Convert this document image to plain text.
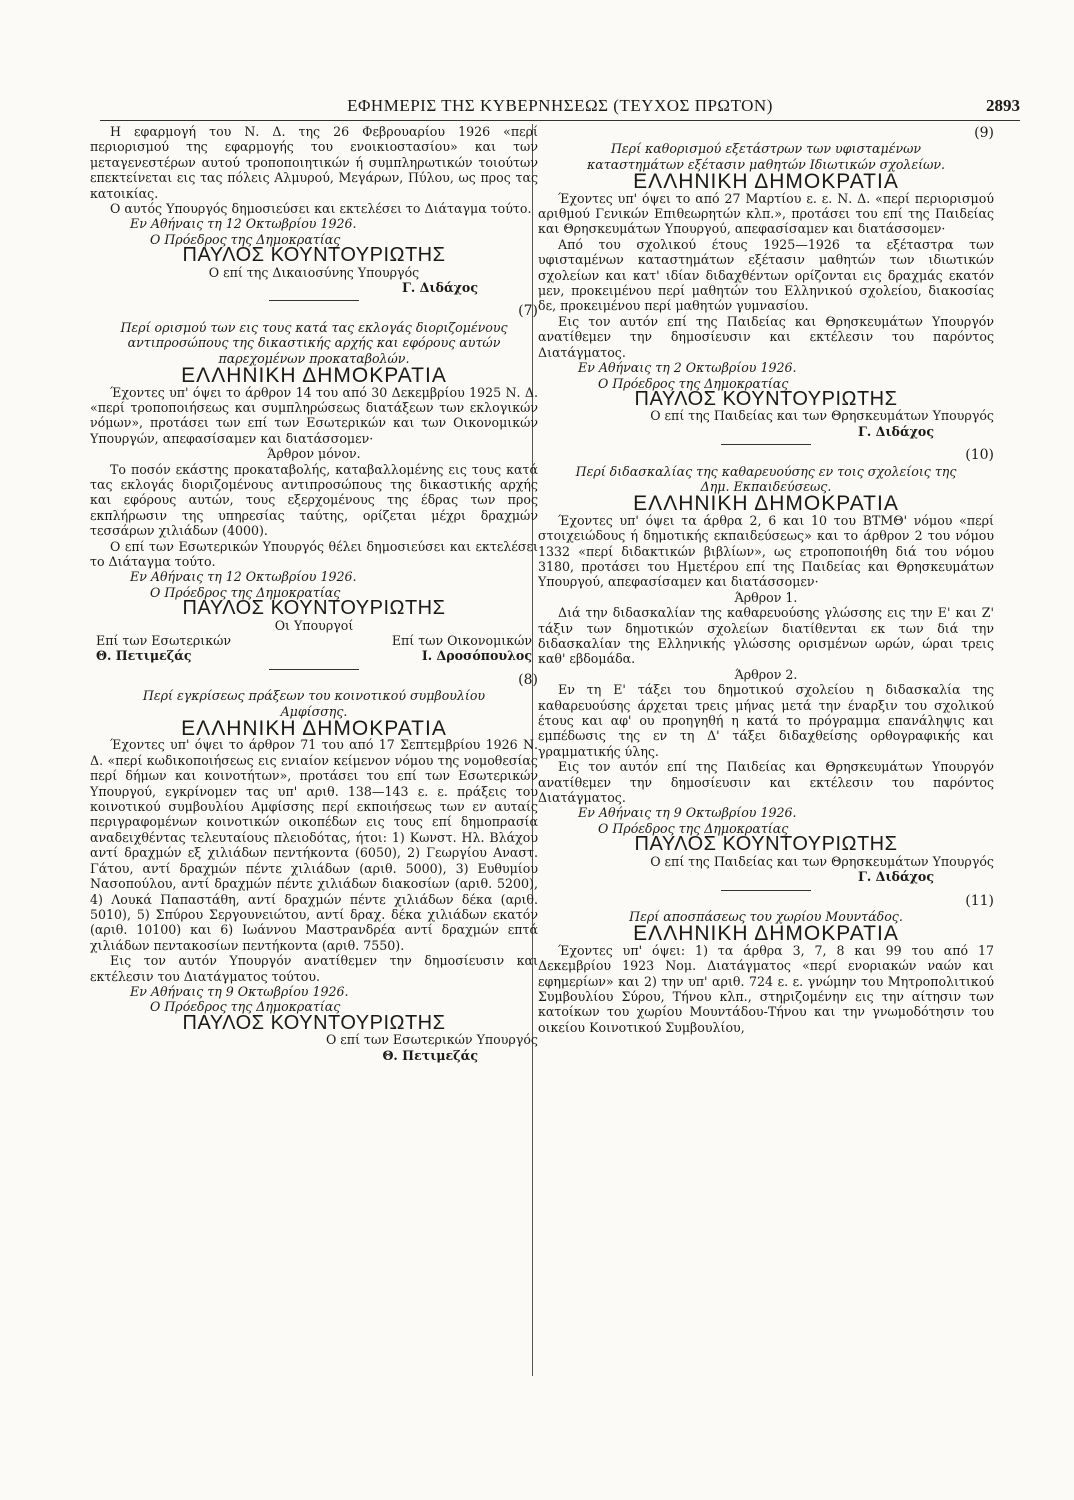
ΕΦΗΜΕΡΙΣ ΤΗΣ ΚΥΒΕΡΝΗΣΕΩΣ (ΤΕΥΧΟΣ ΠΡΩΤΟΝ)	2893

Η εφαρμογή του Ν. Δ. της 26 Φεβρουαρίου 1926 «περί περιορισμού της εφαρμογής του ενοικιοστασίου» και των μεταγενεστέρων αυτού τροποποιητικών ή συμπληρωτικών τοιούτων επεκτείνεται εις τας πόλεις Αλμυρού, Μεγάρων, Πύλου, ως προς τας κατοικίας.

Ο αυτός Υπουργός δημοσιεύσει και εκτελέσει το Διάταγμα τούτο.

Εν Αθήναις τη 12 Οκτωβρίου 1926.

Ο Πρόεδρος της Δημοκρατίας

ΠΑΥΛΟΣ ΚΟΥΝΤΟΥΡΙΩΤΗΣ

Ο επί της Δικαιοσύνης Υπουργός

Γ. Διδάχος

(7)

Περί ορισμού των εις τους κατά τας εκλογάς διοριζομένους αντιπροσώπους της δικαστικής αρχής και εφόρους αυτών παρεχομένων προκαταβολών.

ΕΛΛΗΝΙΚΗ ΔΗΜΟΚΡΑΤΙΑ

Έχοντες υπ' όψει το άρθρον 14 του από 30 Δεκεμβρίου 1925 Ν. Δ. «περί τροποποιήσεως και συμπληρώσεως διατάξεων των εκλογικών νόμων», προτάσει των επί των Εσωτερικών και των Οικονομικών Υπουργών, απεφασίσαμεν και διατάσσομεν·

Άρθρον μόνον.

Το ποσόν εκάστης προκαταβολής, καταβαλλομένης εις τους κατά τας εκλογάς διοριζομένους αντιπροσώπους της δικαστικής αρχής και εφόρους αυτών, τους εξερχομένους της έδρας των προς εκπλήρωσιν της υπηρεσίας ταύτης, ορίζεται μέχρι δραχμών τεσσάρων χιλιάδων (4000).

Ο επί των Εσωτερικών Υπουργός θέλει δημοσιεύσει και εκτελέσει το Διάταγμα τούτο.

Εν Αθήναις τη 12 Οκτωβρίου 1926.

Ο Πρόεδρος της Δημοκρατίας

ΠΑΥΛΟΣ ΚΟΥΝΤΟΥΡΙΩΤΗΣ

Οι Υπουργοί

Επί των Εσωτερικών	Επί των Οικονομικών
Θ. Πετιμεζάς	Ι. Δροσόπουλος

(8)

Περί εγκρίσεως πράξεων του κοινοτικού συμβουλίου Αμφίσσης.

ΕΛΛΗΝΙΚΗ ΔΗΜΟΚΡΑΤΙΑ

Έχοντες υπ' όψει το άρθρον 71 του από 17 Σεπτεμβρίου 1926 Ν. Δ. «περί κωδικοποιήσεως εις ενιαίον κείμενον νόμου της νομοθεσίας περί δήμων και κοινοτήτων», προτάσει του επί των Εσωτερικών Υπουργού, εγκρίνομεν τας υπ' αριθ. 138—143 ε. ε. πράξεις του κοινοτικού συμβουλίου Αμφίσσης περί εκποιήσεως των εν αυταίς περιγραφομένων κοινοτικών οικοπέδων εις τους επί δημοπρασία αναδειχθέντας τελευταίους πλειοδότας, ήτοι: 1) Κωνστ. Ηλ. Βλάχου αντί δραχμών εξ χιλιάδων πεντήκοντα (6050), 2) Γεωργίου Αναστ. Γάτου, αντί δραχμών πέντε χιλιάδων (αριθ. 5000), 3) Ευθυμίου Νασοπούλου, αντί δραχμών πέντε χιλιάδων διακοσίων (αριθ. 5200), 4) Λουκά Παπαστάθη, αντί δραχμών πέντε χιλιάδων δέκα (αριθ. 5010), 5) Σπύρου Σεργουνειώτου, αντί δραχ. δέκα χιλιάδων εκατόν (αριθ. 10100) και 6) Ιωάννου Μαστρανδρέα αντί δραχμών επτά χιλιάδων πεντακοσίων πεντήκοντα (αριθ. 7550).

Εις τον αυτόν Υπουργόν ανατίθεμεν την δημοσίευσιν και εκτέλεσιν του Διατάγματος τούτου.

Εν Αθήναις τη 9 Οκτωβρίου 1926.

Ο Πρόεδρος της Δημοκρατίας

ΠΑΥΛΟΣ ΚΟΥΝΤΟΥΡΙΩΤΗΣ

Ο επί των Εσωτερικών Υπουργός

Θ. Πετιμεζάς

(9)

Περί καθορισμού εξετάστρων των υφισταμένων καταστημάτων εξέτασιν μαθητών Ιδιωτικών σχολείων.

ΕΛΛΗΝΙΚΗ ΔΗΜΟΚΡΑΤΙΑ

Έχοντες υπ' όψει το από 27 Μαρτίου ε. ε. Ν. Δ. «περί περιορισμού αριθμού Γενικών Επιθεωρητών κλπ.», προτάσει του επί της Παιδείας και Θρησκευμάτων Υπουργού, απεφασίσαμεν και διατάσσομεν·

Από του σχολικού έτους 1925—1926 τα εξέταστρα των υφισταμένων καταστημάτων εξέτασιν μαθητών των ιδιωτικών σχολείων και κατ' ιδίαν διδαχθέντων ορίζονται εις δραχμάς εκατόν μεν, προκειμένου περί μαθητών του Ελληνικού σχολείου, διακοσίας δε, προκειμένου περί μαθητών γυμνασίου.

Εις τον αυτόν επί της Παιδείας και Θρησκευμάτων Υπουργόν ανατίθεμεν την δημοσίευσιν και εκτέλεσιν του παρόντος Διατάγματος.

Εν Αθήναις τη 2 Οκτωβρίου 1926.

Ο Πρόεδρος της Δημοκρατίας

ΠΑΥΛΟΣ ΚΟΥΝΤΟΥΡΙΩΤΗΣ

Ο επί της Παιδείας και των Θρησκευμάτων Υπουργός

Γ. Διδάχος

(10)

Περί διδασκαλίας της καθαρευούσης εν τοις σχολείοις της Δημ. Εκπαιδεύσεως.

ΕΛΛΗΝΙΚΗ ΔΗΜΟΚΡΑΤΙΑ

Έχοντες υπ' όψει τα άρθρα 2, 6 και 10 του ΒΤΜΘ' νόμου «περί στοιχειώδους ή δημοτικής εκπαιδεύσεως» και το άρθρον 2 του νόμου 1332 «περί διδακτικών βιβλίων», ως ετροποποιήθη διά του νόμου 3180, προτάσει του Ημετέρου επί της Παιδείας και Θρησκευμάτων Υπουργού, απεφασίσαμεν και διατάσσομεν·

Άρθρον 1.

Διά την διδασκαλίαν της καθαρευούσης γλώσσης εις την Ε' και Ζ' τάξιν των δημοτικών σχολείων διατίθενται εκ των διά την διδασκαλίαν της Ελληνικής γλώσσης ορισμένων ωρών, ώραι τρεις καθ' εβδομάδα.

Άρθρον 2.

Εν τη Ε' τάξει του δημοτικού σχολείου η διδασκαλία της καθαρευούσης άρχεται τρεις μήνας μετά την έναρξιν του σχολικού έτους και αφ' ου προηγηθή η κατά το πρόγραμμα επανάληψις και εμπέδωσις της εν τη Δ' τάξει διδαχθείσης ορθογραφικής και γραμματικής ύλης.

Εις τον αυτόν επί της Παιδείας και Θρησκευμάτων Υπουργόν ανατίθεμεν την δημοσίευσιν και εκτέλεσιν του παρόντος Διατάγματος.

Εν Αθήναις τη 9 Οκτωβρίου 1926.

Ο Πρόεδρος της Δημοκρατίας

ΠΑΥΛΟΣ ΚΟΥΝΤΟΥΡΙΩΤΗΣ

Ο επί της Παιδείας και των Θρησκευμάτων Υπουργός

Γ. Διδάχος

(11)

Περί αποσπάσεως του χωρίου Μουντάδος.

ΕΛΛΗΝΙΚΗ ΔΗΜΟΚΡΑΤΙΑ

Έχοντες υπ' όψει: 1) τα άρθρα 3, 7, 8 και 99 του από 17 Δεκεμβρίου 1923 Νομ. Διατάγματος «περί ενοριακών ναών και εφημερίων» και 2) την υπ' αριθ. 724 ε. ε. γνώμην του Μητροπολιτικού Συμβουλίου Σύρου, Τήνου κλπ., στηριζομένην εις την αίτησιν των κατοίκων του χωρίου Μουντάδου-Τήνου και την γνωμοδότησιν του οικείου Κοινοτικού Συμβουλίου,
